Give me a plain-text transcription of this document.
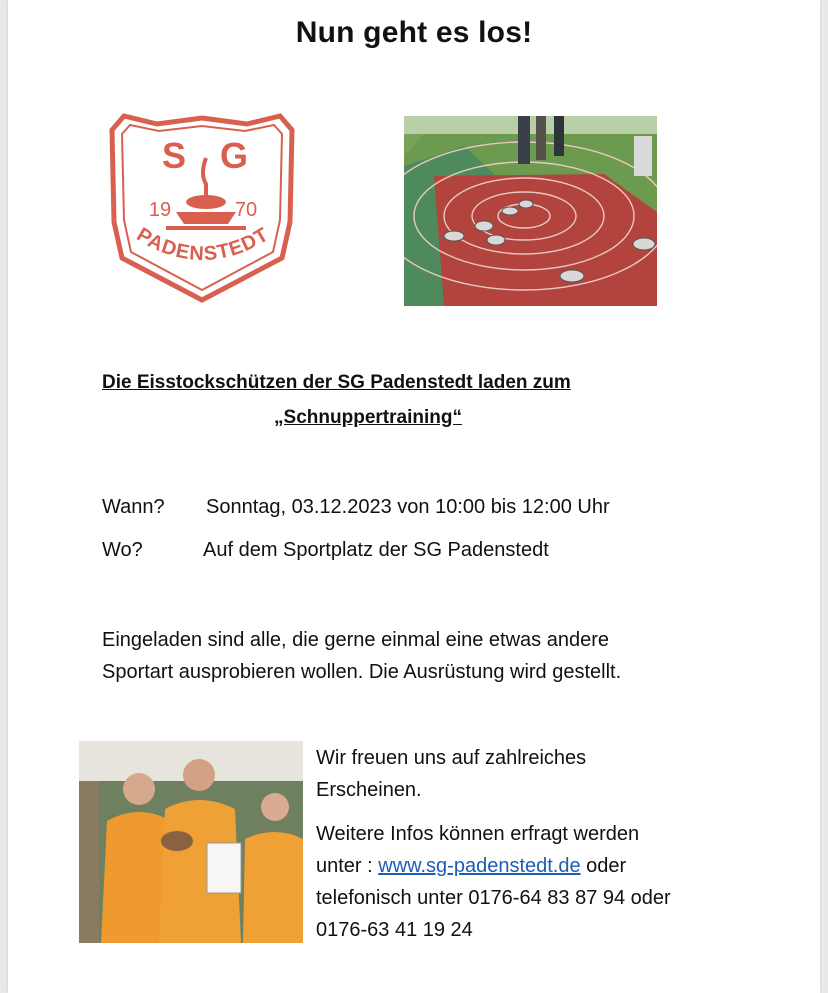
Nun geht es los!
S G
19	70
PADENSTEDT
Die Eisstockschützen der SG Padenstedt laden zum
„Schnuppertraining“
Wann? Sonntag, 03.12.2023 von 10:00 bis 12:00 Uhr
Wo?	Auf dem Sportplatz der SG Padenstedt
Eingeladen sind alle, die gerne einmal eine etwas andere
Sportart ausprobieren wollen. Die Ausrüstung wird gestellt.
Wir freuen uns auf zahlreiches
Erscheinen.
Weitere Infos können erfragt werden
unter : www.sg-padenstedt.de oder
telefonisch unter 0176-64 83 87 94 oder
0176-63 41 19 24
